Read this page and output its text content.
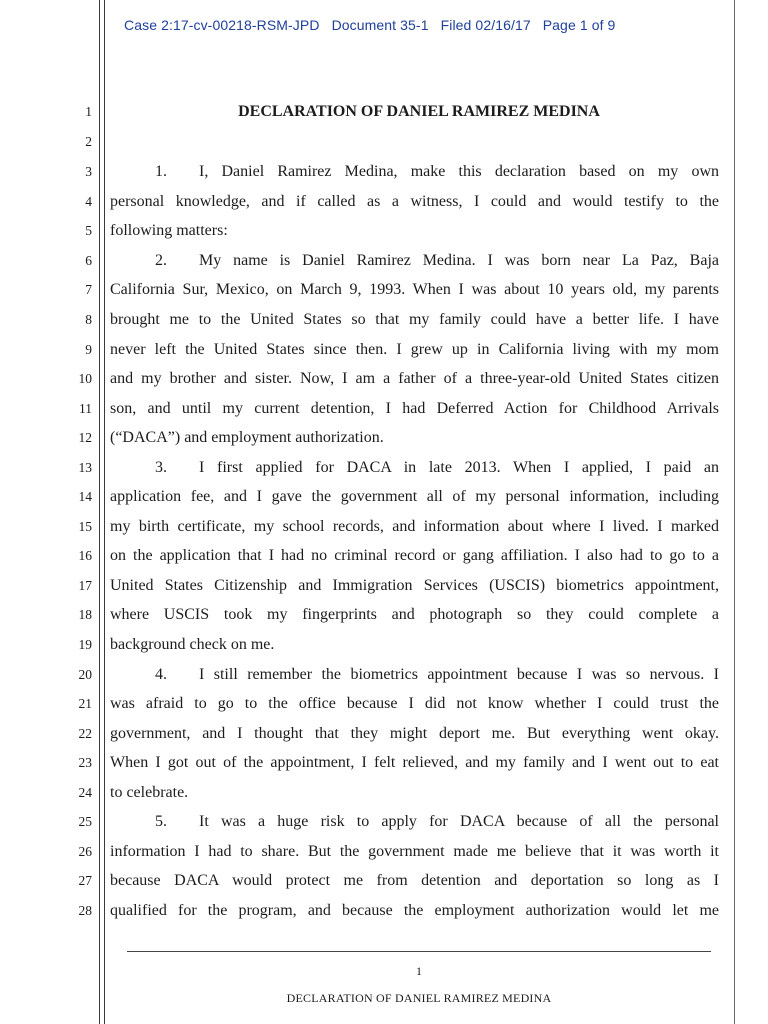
Case 2:17-cv-00218-RSM-JPD Document 35-1 Filed 02/16/17 Page 1 of 9
1
2
3
4
5
6
7
8
9
10
11
12
13
14
15
16
17
18
19
20
21
22
23
24
25
26
27
28
DECLARATION OF DANIEL RAMIREZ MEDINA
1. I, Daniel Ramirez Medina, make this declaration based on my own
personal knowledge, and if called as a witness, I could and would testify to the
following matters:
2. My name is Daniel Ramirez Medina. I was born near La Paz, Baja
California Sur, Mexico, on March 9, 1993. When I was about 10 years old, my parents
brought me to the United States so that my family could have a better life. I have
never left the United States since then. I grew up in California living with my mom
and my brother and sister. Now, I am a father of a three-year-old United States citizen
son, and until my current detention, I had Deferred Action for Childhood Arrivals
(“DACA”) and employment authorization.
3. I first applied for DACA in late 2013. When I applied, I paid an
application fee, and I gave the government all of my personal information, including
my birth certificate, my school records, and information about where I lived. I marked
on the application that I had no criminal record or gang affiliation. I also had to go to a
United States Citizenship and Immigration Services (USCIS) biometrics appointment,
where USCIS took my fingerprints and photograph so they could complete a
background check on me.
4. I still remember the biometrics appointment because I was so nervous. I
was afraid to go to the office because I did not know whether I could trust the
government, and I thought that they might deport me. But everything went okay.
When I got out of the appointment, I felt relieved, and my family and I went out to eat
to celebrate.
5. It was a huge risk to apply for DACA because of all the personal
information I had to share. But the government made me believe that it was worth it
because DACA would protect me from detention and deportation so long as I
qualified for the program, and because the employment authorization would let me
1
DECLARATION OF DANIEL RAMIREZ MEDINA
